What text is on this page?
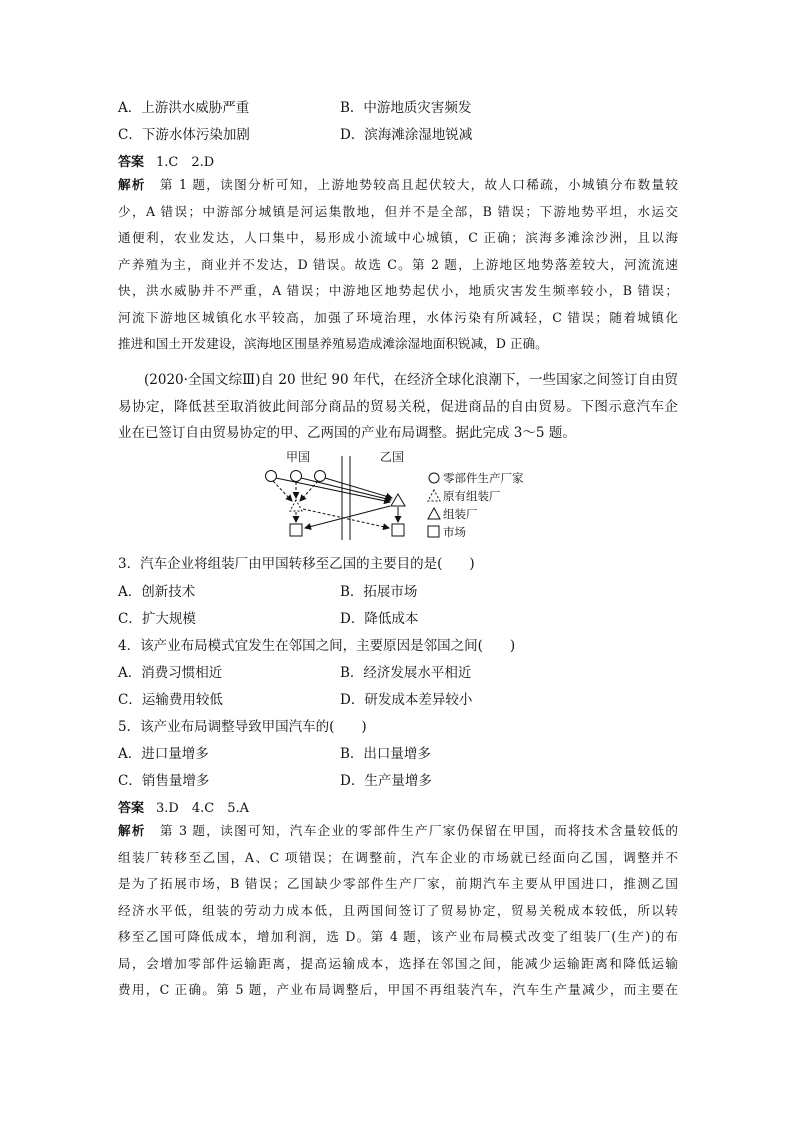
A．上游洪水威胁严重	B．中游地质灾害频发
C．下游水体污染加剧	D．滨海滩涂湿地锐减
答案 1.C　2.D
解析 第 1 题，读图分析可知，上游地势较高且起伏较大，故人口稀疏，小城镇分布数量较
少，A 错误；中游部分城镇是河运集散地，但并不是全部，B 错误；下游地势平坦，水运交
通便利，农业发达，人口集中，易形成小流域中心城镇，C 正确；滨海多滩涂沙洲，且以海
产养殖为主，商业并不发达，D 错误。故选 C。第 2 题，上游地区地势落差较大，河流流速
快，洪水威胁并不严重，A 错误；中游地区地势起伏小，地质灾害发生频率较小，B 错误；
河流下游地区城镇化水平较高，加强了环境治理，水体污染有所减轻，C 错误；随着城镇化
推进和国土开发建设，滨海地区围垦养殖易造成滩涂湿地面积锐减，D 正确。
(2020·全国文综Ⅲ)自 20 世纪 90 年代，在经济全球化浪潮下，一些国家之间签订自由贸
易协定，降低甚至取消彼此间部分商品的贸易关税，促进商品的自由贸易。下图示意汽车企
业在已签订自由贸易协定的甲、乙两国的产业布局调整。据此完成 3～5 题。
甲国	乙国
零部件生产厂家
原有组装厂
组装厂
市场
3．汽车企业将组装厂由甲国转移至乙国的主要目的是(　　)
A．创新技术	B．拓展市场
C．扩大规模	D．降低成本
4．该产业布局模式宜发生在邻国之间，主要原因是邻国之间(　　)
A．消费习惯相近	B．经济发展水平相近
C．运输费用较低	D．研发成本差异较小
5．该产业布局调整导致甲国汽车的(　　)
A．进口量增多	B．出口量增多
C．销售量增多	D．生产量增多
答案 3.D　4.C　5.A
解析 第 3 题，读图可知，汽车企业的零部件生产厂家仍保留在甲国，而将技术含量较低的
组装厂转移至乙国，A、C 项错误；在调整前，汽车企业的市场就已经面向乙国，调整并不
是为了拓展市场，B 错误；乙国缺少零部件生产厂家，前期汽车主要从甲国进口，推测乙国
经济水平低，组装的劳动力成本低，且两国间签订了贸易协定，贸易关税成本较低，所以转
移至乙国可降低成本，增加利润，选 D。第 4 题，该产业布局模式改变了组装厂(生产)的布
局，会增加零部件运输距离，提高运输成本，选择在邻国之间，能减少运输距离和降低运输
费用，C 正确。第 5 题，产业布局调整后，甲国不再组装汽车，汽车生产量减少，而主要在
